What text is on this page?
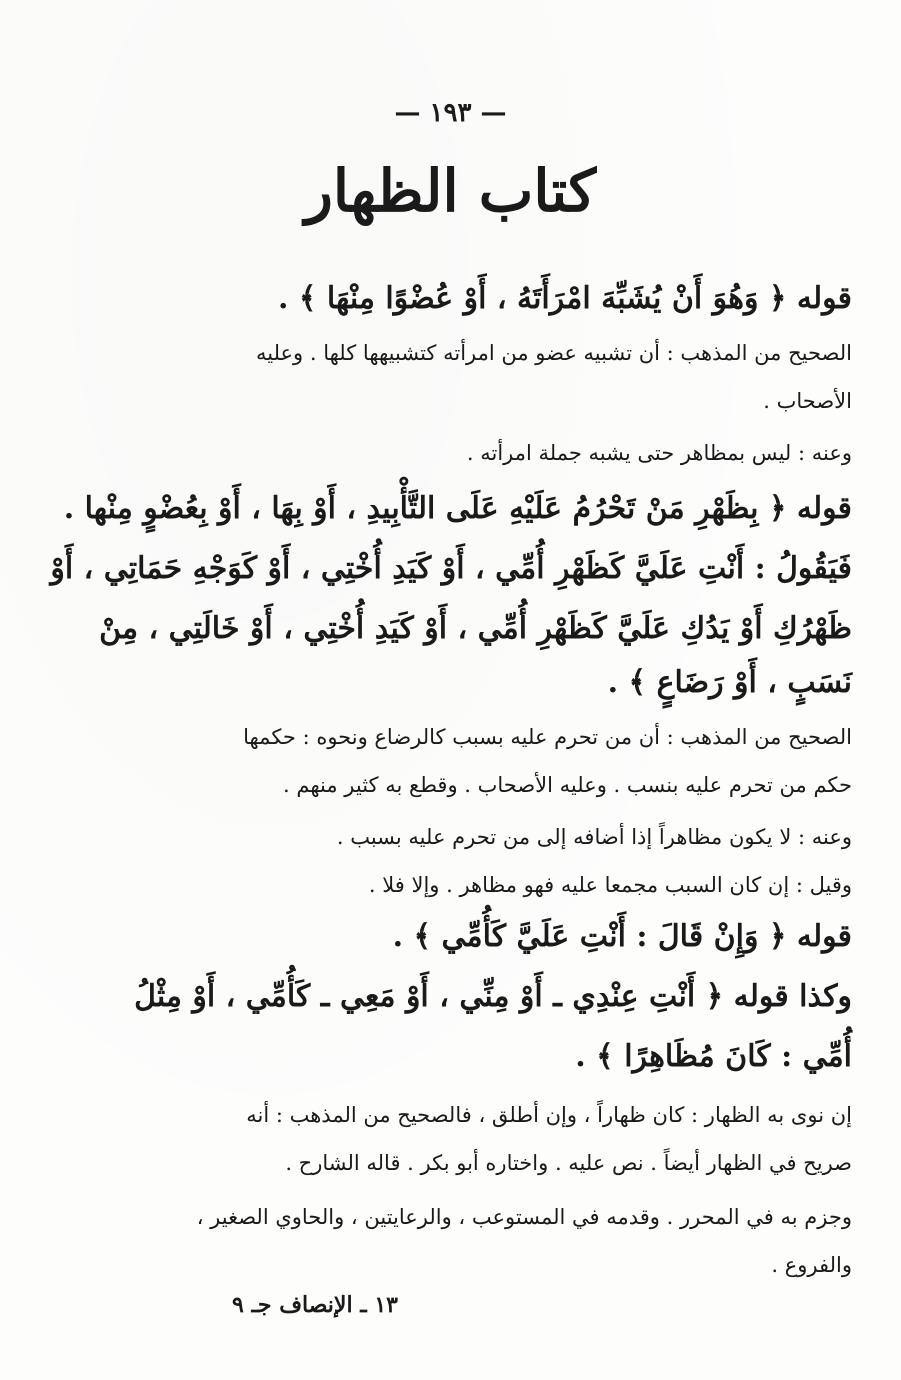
— ١٩٣ —
كتاب الظهار
قوله ﴿ وَهُوَ أَنْ يُشَبِّهَ امْرَأَتَهُ ، أَوْ عُضْوًا مِنْهَا ﴾ .
الصحيح من المذهب : أن تشبيه عضو من امرأته كتشبيهها كلها . وعليه
الأصحاب .
وعنه : ليس بمظاهر حتى يشبه جملة امرأته .
قوله ﴿ بِظَهْرِ مَنْ تَحْرُمُ عَلَيْهِ عَلَى التَّأْبِيدِ ، أَوْ بِهَا ، أَوْ بِعُضْوٍ مِنْها .
فَيَقُولُ : أَنْتِ عَلَيَّ كَظَهْرِ أُمِّي ، أَوْ كَيَدِ أُخْتِي ، أَوْ كَوَجْهِ حَمَاتِي ، أَوْ
ظَهْرُكِ أَوْ يَدُكِ عَلَيَّ كَظَهْرِ أُمِّي ، أَوْ كَيَدِ أُخْتِي ، أَوْ خَالَتِي ، مِنْ
نَسَبٍ ، أَوْ رَضَاعٍ ﴾ .
الصحيح من المذهب : أن من تحرم عليه بسبب كالرضاع ونحوه : حكمها
حكم من تحرم عليه بنسب . وعليه الأصحاب . وقطع به كثير منهم .
وعنه : لا يكون مظاهراً إذا أضافه إلى من تحرم عليه بسبب .
وقيل : إن كان السبب مجمعا عليه فهو مظاهر . وإلا فلا .
قوله ﴿ وَإِنْ قَالَ : أَنْتِ عَلَيَّ كَأُمِّي ﴾ .
وكذا قوله ﴿ أَنْتِ عِنْدِي ـ أَوْ مِنِّي ، أَوْ مَعِي ـ كَأُمِّي ، أَوْ مِثْلُ
أُمِّي : كَانَ مُظَاهِرًا ﴾ .
إن نوى به الظهار : كان ظهاراً ، وإن أطلق ، فالصحيح من المذهب : أنه
صريح في الظهار أيضاً . نص عليه . واختاره أبو بكر . قاله الشارح .
وجزم به في المحرر . وقدمه في المستوعب ، والرعايتين ، والحاوي الصغير ،
والفروع .
١٣ ـ الإنصاف جـ ٩
